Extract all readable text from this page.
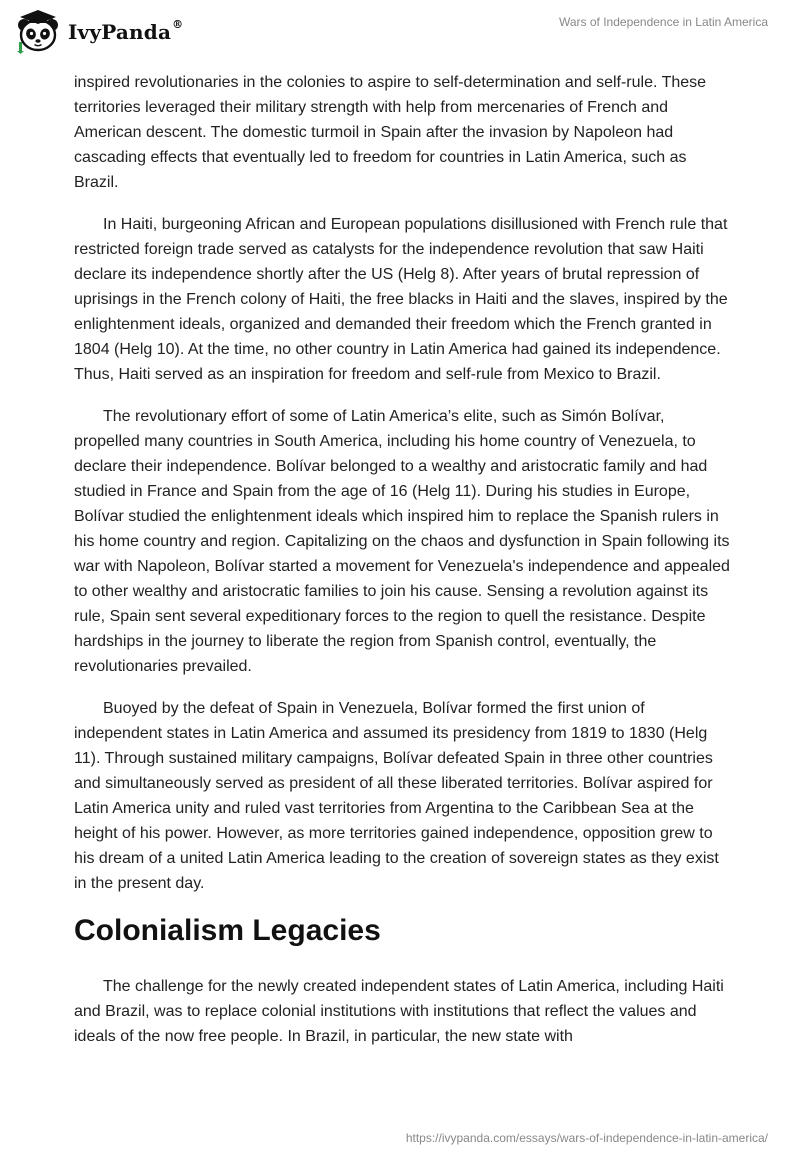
IvyPanda®	Wars of Independence in Latin America

inspired revolutionaries in the colonies to aspire to self-determination and self-rule. These territories leveraged their military strength with help from mercenaries of French and American descent. The domestic turmoil in Spain after the invasion by Napoleon had cascading effects that eventually led to freedom for countries in Latin America, such as Brazil.

In Haiti, burgeoning African and European populations disillusioned with French rule that restricted foreign trade served as catalysts for the independence revolution that saw Haiti declare its independence shortly after the US (Helg 8). After years of brutal repression of uprisings in the French colony of Haiti, the free blacks in Haiti and the slaves, inspired by the enlightenment ideals, organized and demanded their freedom which the French granted in 1804 (Helg 10). At the time, no other country in Latin America had gained its independence. Thus, Haiti served as an inspiration for freedom and self-rule from Mexico to Brazil.

The revolutionary effort of some of Latin America’s elite, such as Simón Bolívar, propelled many countries in South America, including his home country of Venezuela, to declare their independence. Bolívar belonged to a wealthy and aristocratic family and had studied in France and Spain from the age of 16 (Helg 11). During his studies in Europe, Bolívar studied the enlightenment ideals which inspired him to replace the Spanish rulers in his home country and region. Capitalizing on the chaos and dysfunction in Spain following its war with Napoleon, Bolívar started a movement for Venezuela's independence and appealed to other wealthy and aristocratic families to join his cause. Sensing a revolution against its rule, Spain sent several expeditionary forces to the region to quell the resistance. Despite hardships in the journey to liberate the region from Spanish control, eventually, the revolutionaries prevailed.

Buoyed by the defeat of Spain in Venezuela, Bolívar formed the first union of independent states in Latin America and assumed its presidency from 1819 to 1830 (Helg 11). Through sustained military campaigns, Bolívar defeated Spain in three other countries and simultaneously served as president of all these liberated territories. Bolívar aspired for Latin America unity and ruled vast territories from Argentina to the Caribbean Sea at the height of his power. However, as more territories gained independence, opposition grew to his dream of a united Latin America leading to the creation of sovereign states as they exist in the present day.

Colonialism Legacies

The challenge for the newly created independent states of Latin America, including Haiti and Brazil, was to replace colonial institutions with institutions that reflect the values and ideals of the now free people. In Brazil, in particular, the new state with

https://ivypanda.com/essays/wars-of-independence-in-latin-america/
